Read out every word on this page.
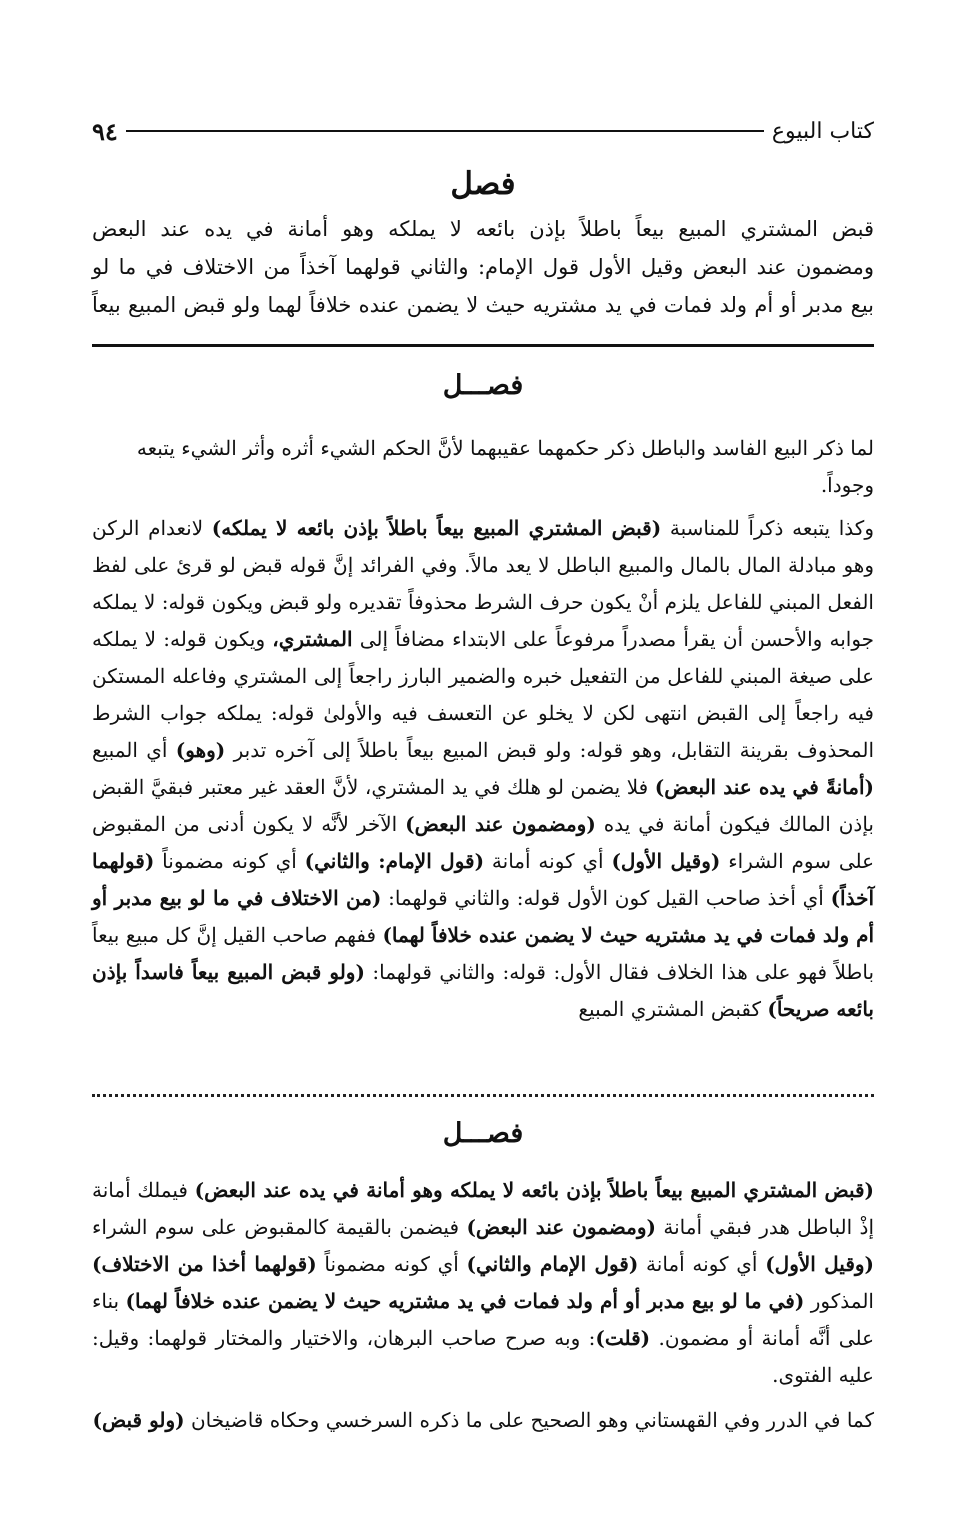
٩٤	كتاب البيوع
فصل

قبض المشتري المبيع بيعاً باطلاً بإذن بائعه لا يملكه وهو أمانة في يده عند البعض

ومضمون عند البعض وقيل الأول قول الإمام: والثاني قولهما آخذاً من الاختلاف في ما لو

بيع مدبر أو أم ولد فمات في يد مشتريه حيث لا يضمن عنده خلافاً لهما ولو قبض المبيع بيعاً

فصـــل

لما ذكر البيع الفاسد والباطل ذكر حكمهما عقيبهما لأنَّ الحكم الشيء أثره وأثر الشيء يتبعه وجوداً.

وكذا يتبعه ذكراً للمناسبة (قبض المشتري المبيع بيعاً باطلاً بإذن بائعه لا يملكه) لانعدام الركن وهو مبادلة المال بالمال والمبيع الباطل لا يعد مالاً. وفي الفرائد إنَّ قوله قبض لو قرئ على لفظ الفعل المبني للفاعل يلزم أنْ يكون حرف الشرط محذوفاً تقديره ولو قبض ويكون قوله: لا يملكه جوابه والأحسن أن يقرأ مصدراً مرفوعاً على الابتداء مضافاً إلى المشتري، ويكون قوله: لا يملكه على صيغة المبني للفاعل من التفعيل خبره والضمير البارز راجعاً إلى المشتري وفاعله المستكن فيه راجعاً إلى القبض انتهى لكن لا يخلو عن التعسف فيه والأولىٰ قوله: يملكه جواب الشرط المحذوف بقرينة التقابل، وهو قوله: ولو قبض المبيع بيعاً باطلاً إلى آخره تدبر (وهو) أي المبيع (أمانةً في يده عند البعض) فلا يضمن لو هلك في يد المشتري، لأنَّ العقد غير معتبر فبقيَّ القبض بإذن المالك فيكون أمانة في يده (ومضمون عند البعض) الآخر لأنَّه لا يكون أدنى من المقبوض على سوم الشراء (وقيل الأول) أي كونه أمانة (قول الإمام: والثاني) أي كونه مضموناً (قولهما آخذاً) أي أخذ صاحب القيل كون الأول قوله: والثاني قولهما: (من الاختلاف في ما لو بيع مدبر أو أم ولد فمات في يد مشتريه حيث لا يضمن عنده خلافاً لهما) ففهم صاحب القيل إنَّ كل مبيع بيعاً باطلاً فهو على هذا الخلاف فقال الأول: قوله: والثاني قولهما: (ولو قبض المبيع بيعاً فاسداً بإذن بائعه صريحاً) كقبض المشتري المبيع

فصـــل

(قبض المشتري المبيع بيعاً باطلاً بإذن بائعه لا يملكه وهو أمانة في يده عند البعض) فيملك أمانة إذْ الباطل هدر فبقي أمانة (ومضمون عند البعض) فيضمن بالقيمة كالمقبوض على سوم الشراء (وقيل الأول) أي كونه أمانة (قول الإمام والثاني) أي كونه مضموناً (قولهما أخذا من الاختلاف) المذكور (في ما لو بيع مدبر أو أم ولد فمات في يد مشتريه حيث لا يضمن عنده خلافاً لهما) بناء على أنَّه أمانة أو مضمون. (قلت): وبه صرح صاحب البرهان، والاختيار والمختار قولهما: وقيل: عليه الفتوى.

كما في الدرر وفي القهستاني وهو الصحيح على ما ذكره السرخسي وحكاه قاضيخان (ولو قبض)
